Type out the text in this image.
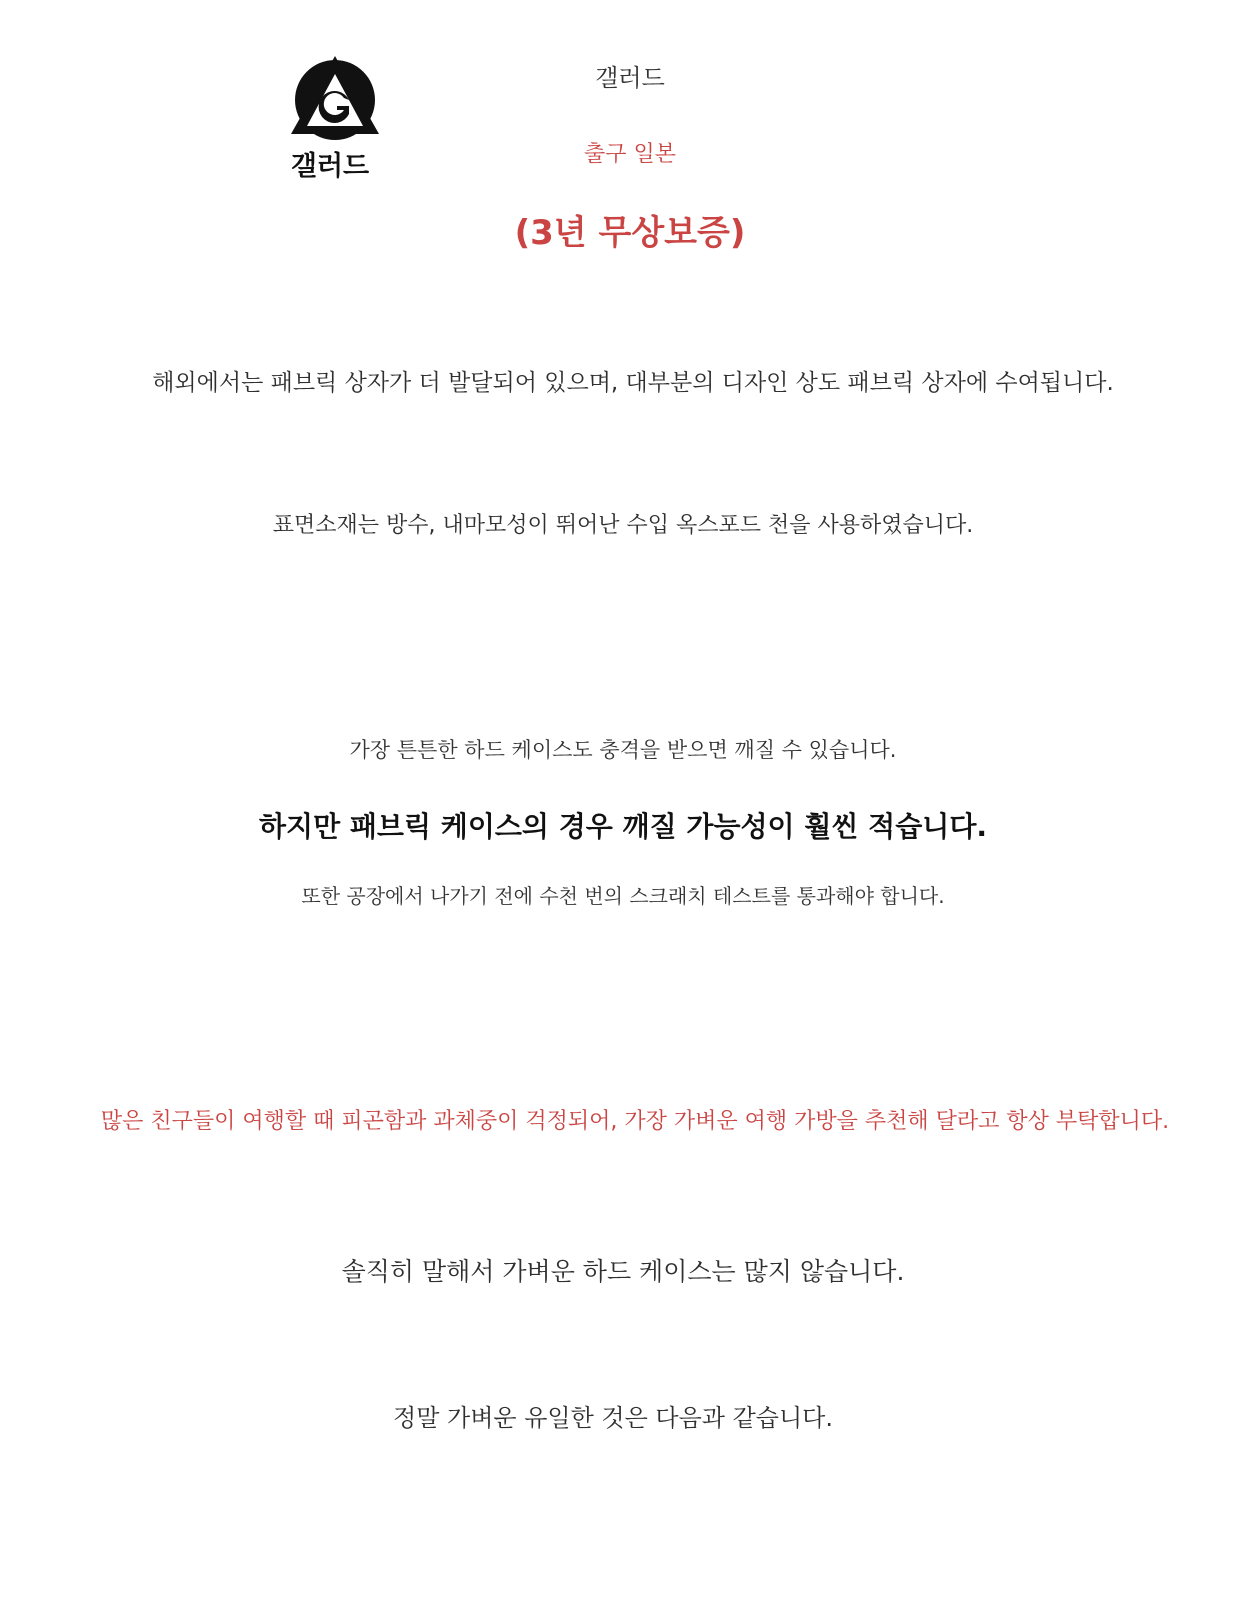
갤러드
갤러드
출구 일본
(3년 무상보증)
해외에서는 패브릭 상자가 더 발달되어 있으며, 대부분의 디자인 상도 패브릭 상자에 수여됩니다.
표면소재는 방수, 내마모성이 뛰어난 수입 옥스포드 천을 사용하였습니다.
가장 튼튼한 하드 케이스도 충격을 받으면 깨질 수 있습니다.
하지만 패브릭 케이스의 경우 깨질 가능성이 훨씬 적습니다.
또한 공장에서 나가기 전에 수천 번의 스크래치 테스트를 통과해야 합니다.
많은 친구들이 여행할 때 피곤함과 과체중이 걱정되어, 가장 가벼운 여행 가방을 추천해 달라고 항상 부탁합니다.
솔직히 말해서 가벼운 하드 케이스는 많지 않습니다.
정말 가벼운 유일한 것은 다음과 같습니다.
